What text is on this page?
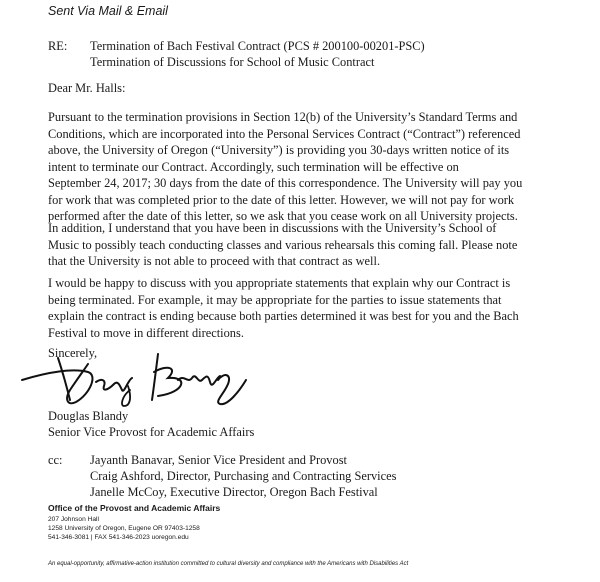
Sent Via Mail & Email
RE: Termination of Bach Festival Contract (PCS # 200100-00201-PSC)
Termination of Discussions for School of Music Contract
Dear Mr. Halls:
Pursuant to the termination provisions in Section 12(b) of the University’s Standard Terms and
Conditions, which are incorporated into the Personal Services Contract (“Contract”) referenced
above, the University of Oregon (“University”) is providing you 30-days written notice of its
intent to terminate our Contract. Accordingly, such termination will be effective on
September 24, 2017; 30 days from the date of this correspondence. The University will pay you
for work that was completed prior to the date of this letter. However, we will not pay for work
performed after the date of this letter, so we ask that you cease work on all University projects.
In addition, I understand that you have been in discussions with the University’s School of
Music to possibly teach conducting classes and various rehearsals this coming fall. Please note
that the University is not able to proceed with that contract as well.
I would be happy to discuss with you appropriate statements that explain why our Contract is
being terminated. For example, it may be appropriate for the parties to issue statements that
explain the contract is ending because both parties determined it was best for you and the Bach
Festival to move in different directions.
Sincerely,
Douglas Blandy
Senior Vice Provost for Academic Affairs
cc: Jayanth Banavar, Senior Vice President and Provost
Craig Ashford, Director, Purchasing and Contracting Services
Janelle McCoy, Executive Director, Oregon Bach Festival
Office of the Provost and Academic Affairs
207 Johnson Hall
1258 University of Oregon, Eugene OR 97403-1258
541-346-3081 | FAX 541-346-2023 uoregon.edu
An equal-opportunity, affirmative-action institution committed to cultural diversity and compliance with the Americans with Disabilities Act
